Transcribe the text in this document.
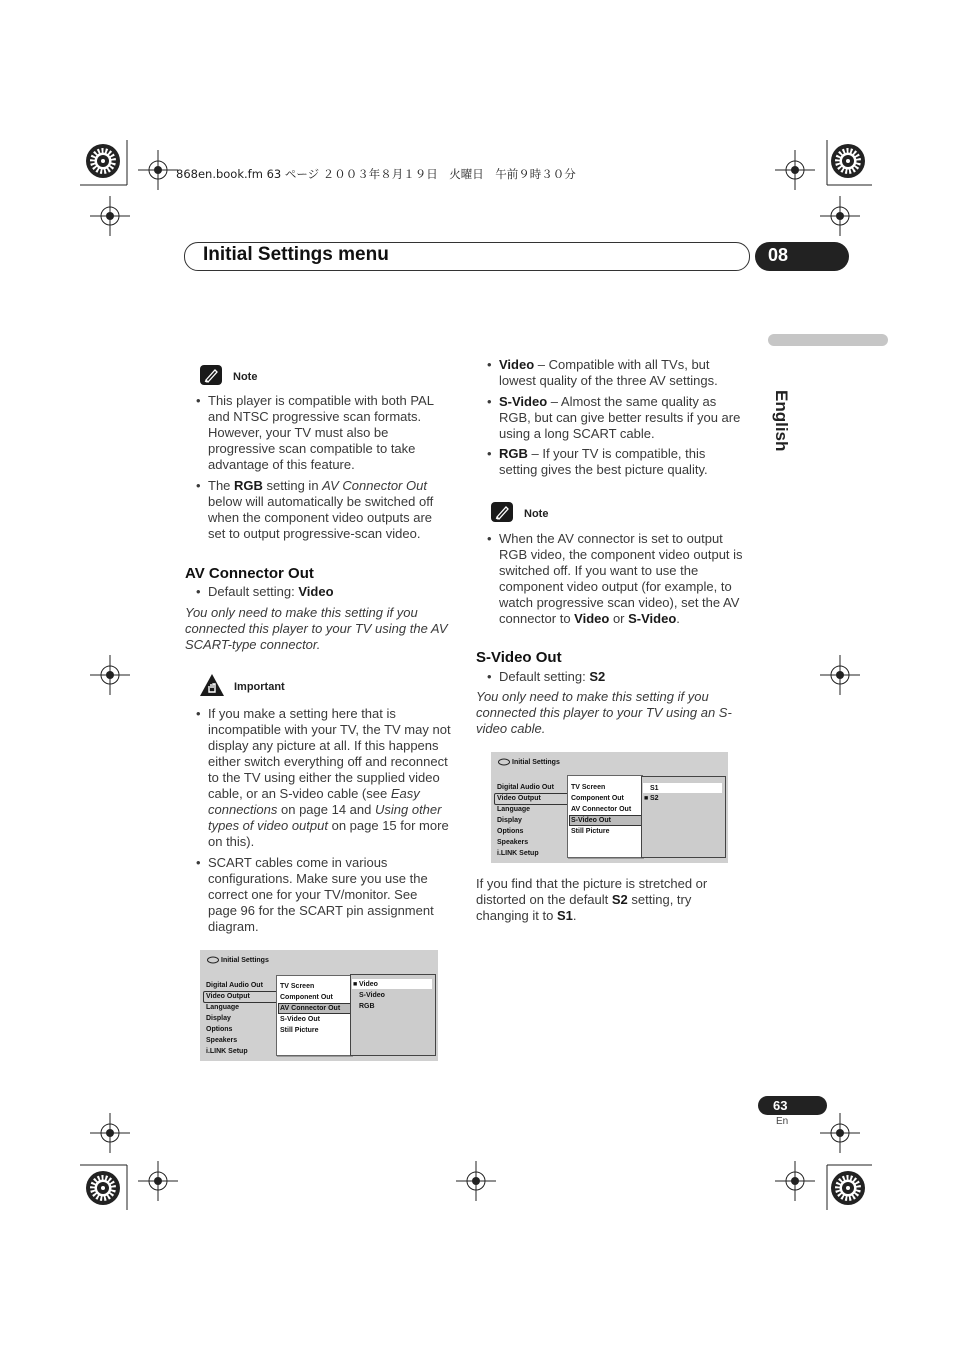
868en.book.fm 63 ページ ２００３年８月１９日　火曜日　午前９時３０分
Initial Settings menu	08
English
Note
• This player is compatible with both PAL and NTSC progressive scan formats. However, your TV must also be progressive scan compatible to take advantage of this feature.
• The RGB setting in AV Connector Out below will automatically be switched off when the component video outputs are set to output progressive-scan video.
AV Connector Out
• Default setting: Video
You only need to make this setting if you connected this player to your TV using the AV SCART-type connector.
Important
• If you make a setting here that is incompatible with your TV, the TV may not display any picture at all. If this happens either switch everything off and reconnect to the TV using either the supplied video cable, or an S-video cable (see Easy connections on page 14 and Using other types of video output on page 15 for more on this).
• SCART cables come in various configurations. Make sure you use the correct one for your TV/monitor. See page 96 for the SCART pin assignment diagram.
Initial Settings
Digital Audio Out
Video Output
Language
Display
Options
Speakers
i.LINK Setup
TV Screen
Component Out
AV Connector Out
S-Video Out
Still Picture
■ Video
S-Video
RGB
• Video – Compatible with all TVs, but lowest quality of the three AV settings.
• S-Video – Almost the same quality as RGB, but can give better results if you are using a long SCART cable.
• RGB – If your TV is compatible, this setting gives the best picture quality.
Note
• When the AV connector is set to output RGB video, the component video output is switched off. If you want to use the component video output (for example, to watch progressive scan video), set the AV connector to Video or S-Video.
S-Video Out
• Default setting: S2
You only need to make this setting if you connected this player to your TV using an S-video cable.
If you find that the picture is stretched or distorted on the default S2 setting, try changing it to S1.
Initial Settings
Digital Audio Out
Video Output
Language
Display
Options
Speakers
i.LINK Setup
TV Screen
Component Out
AV Connector Out
S-Video Out
Still Picture
S1
■ S2
63
En
